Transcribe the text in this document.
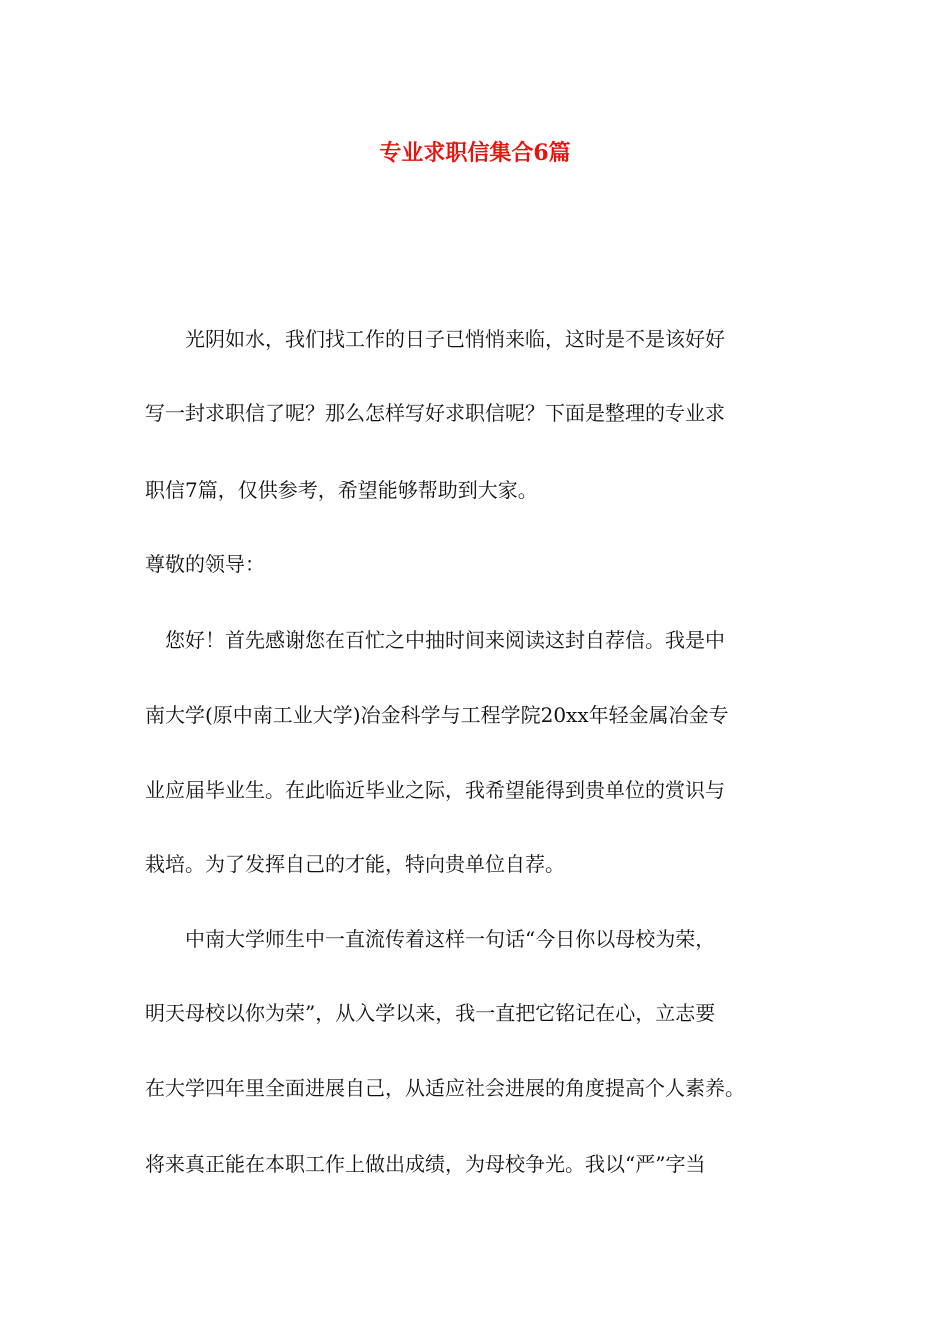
专业求职信集合6篇

　　光阴如水，我们找工作的日子已悄悄来临，这时是不是该好好

写一封求职信了呢？那么怎样写好求职信呢？下面是整理的专业求

职信7篇，仅供参考，希望能够帮助到大家。

尊敬的领导：

　您好！首先感谢您在百忙之中抽时间来阅读这封自荐信。我是中

南大学(原中南工业大学)冶金科学与工程学院20xx年轻金属冶金专

业应届毕业生。在此临近毕业之际，我希望能得到贵单位的赏识与

栽培。为了发挥自己的才能，特向贵单位自荐。

　　中南大学师生中一直流传着这样一句话“今日你以母校为荣，

明天母校以你为荣”，从入学以来，我一直把它铭记在心，立志要

在大学四年里全面进展自己，从适应社会进展的角度提高个人素养。

将来真正能在本职工作上做出成绩，为母校争光。我以“严”字当
